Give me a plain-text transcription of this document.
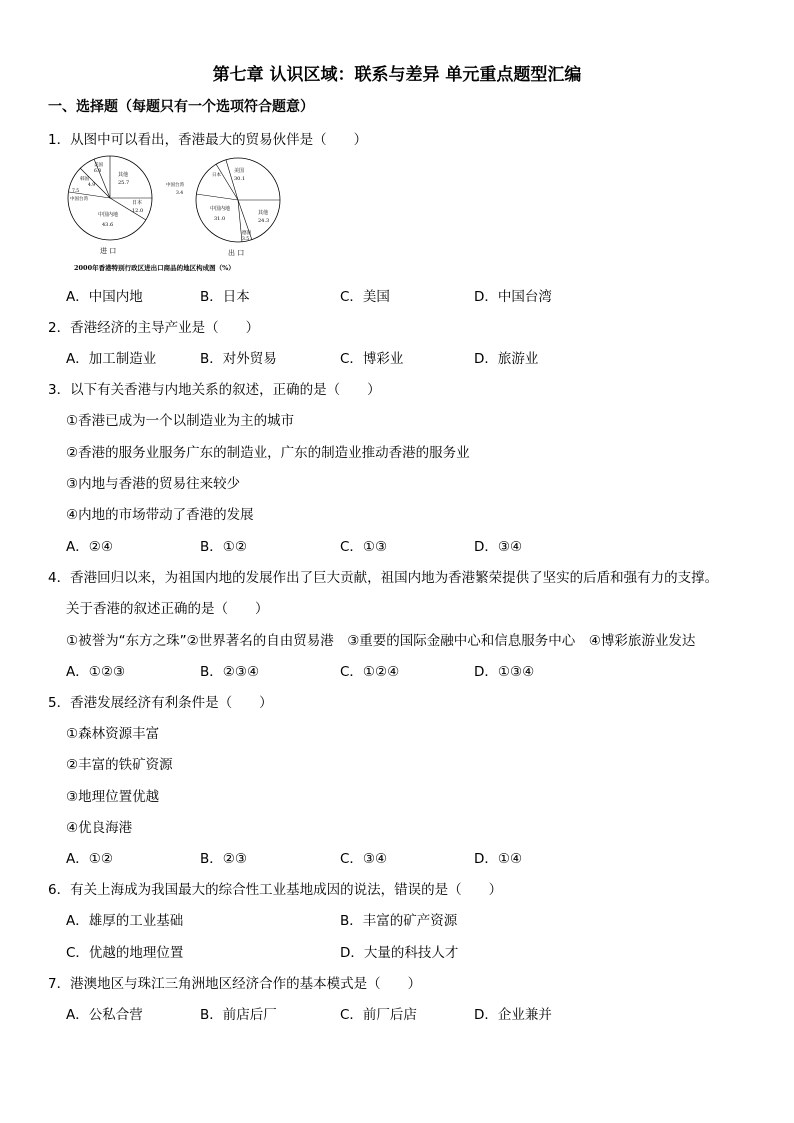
第七章 认识区域：联系与差异 单元重点题型汇编
一、选择题（每题只有一个选项符合题意）
1．从图中可以看出，香港最大的贸易伙伴是（　　）
其他
25.7
日本
12.0
中国内地
43.6
美国
6.8
韩国
4.9
7.5
中国台湾
进 口
美国
30.1
其他
24.3
中国内地
31.0
德国
3.5
中国台湾
3.4
日本
出 口
2000年香港特别行政区进出口商品的地区构成图（%）
A．中国内地	B．日本	C．美国	D．中国台湾
2．香港经济的主导产业是（　　）
A．加工制造业	B．对外贸易	C．博彩业	D．旅游业
3．以下有关香港与内地关系的叙述，正确的是（　　）
①香港已成为一个以制造业为主的城市
②香港的服务业服务广东的制造业，广东的制造业推动香港的服务业
③内地与香港的贸易往来较少
④内地的市场带动了香港的发展
A．②④	B．①②	C．①③	D．③④
4．香港回归以来，为祖国内地的发展作出了巨大贡献，祖国内地为香港繁荣提供了坚实的后盾和强有力的支撑。
关于香港的叙述正确的是（　　）
①被誉为“东方之珠”②世界著名的自由贸易港　③重要的国际金融中心和信息服务中心　④博彩旅游业发达
A．①②③	B．②③④	C．①②④	D．①③④
5．香港发展经济有利条件是（　　）
①森林资源丰富
②丰富的铁矿资源
③地理位置优越
④优良海港
A．①②	B．②③	C．③④	D．①④
6．有关上海成为我国最大的综合性工业基地成因的说法，错误的是（　　）
A．雄厚的工业基础	B．丰富的矿产资源
C．优越的地理位置	D．大量的科技人才
7．港澳地区与珠江三角洲地区经济合作的基本模式是（　　）
A．公私合营	B．前店后厂	C．前厂后店	D．企业兼并
